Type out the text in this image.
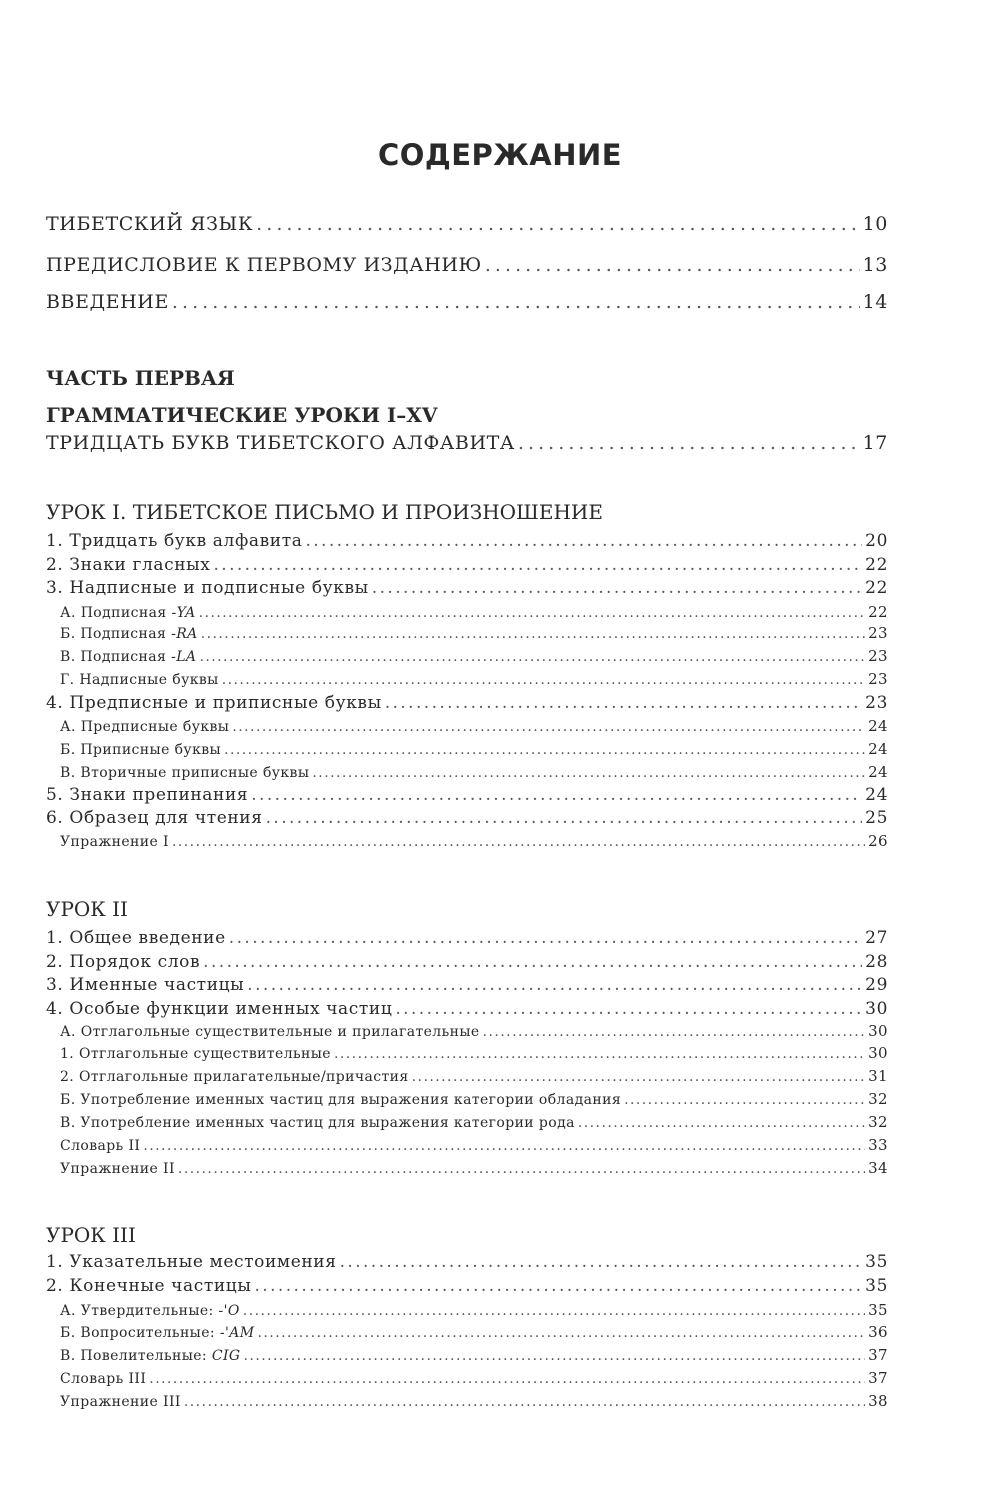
СОДЕРЖАНИЕ
ТИБЕТСКИЙ ЯЗЫК . . .	10
ПРЕДИСЛОВИЕ К ПЕРВОМУ ИЗДАНИЮ . . .	13
ВВЕДЕНИЕ . . .	14
ЧАСТЬ ПЕРВАЯ
ГРАММАТИЧЕСКИЕ УРОКИ I–XV
ТРИДЦАТЬ БУКВ ТИБЕТСКОГО АЛФАВИТА . . .	17
УРОК I. ТИБЕТСКОЕ ПИСЬМО И ПРОИЗНОШЕНИЕ
1. Тридцать букв алфавита . . .	20
2. Знаки гласных . . .	22
3. Надписные и подписные буквы . . .	22
А. Подписная -YA . . .	22
Б. Подписная -RA . . .	23
В. Подписная -LA . . .	23
Г. Надписные буквы . . .	23
4. Предписные и приписные буквы . . .	23
А. Предписные буквы . . .	24
Б. Приписные буквы . . .	24
В. Вторичные приписные буквы . . .	24
5. Знаки препинания . . .	24
6. Образец для чтения . . .	25
Упражнение I . . .	26
УРОК II
1. Общее введение . . .	27
2. Порядок слов . . .	28
3. Именные частицы . . .	29
4. Особые функции именных частиц . . .	30
А. Отглагольные существительные и прилагательные . . .	30
1. Отглагольные существительные . . .	30
2. Отглагольные прилагательные/причастия . . .	31
Б. Употребление именных частиц для выражения категории обладания . . .	32
В. Употребление именных частиц для выражения категории рода . . .	32
Словарь II . . .	33
Упражнение II . . .	34
УРОК III
1. Указательные местоимения . . .	35
2. Конечные частицы . . .	35
А. Утвердительные: -'O . . .	35
Б. Вопросительные: -'AM . . .	36
В. Повелительные: CIG . . .	37
Словарь III . . .	37
Упражнение III . . .	38
